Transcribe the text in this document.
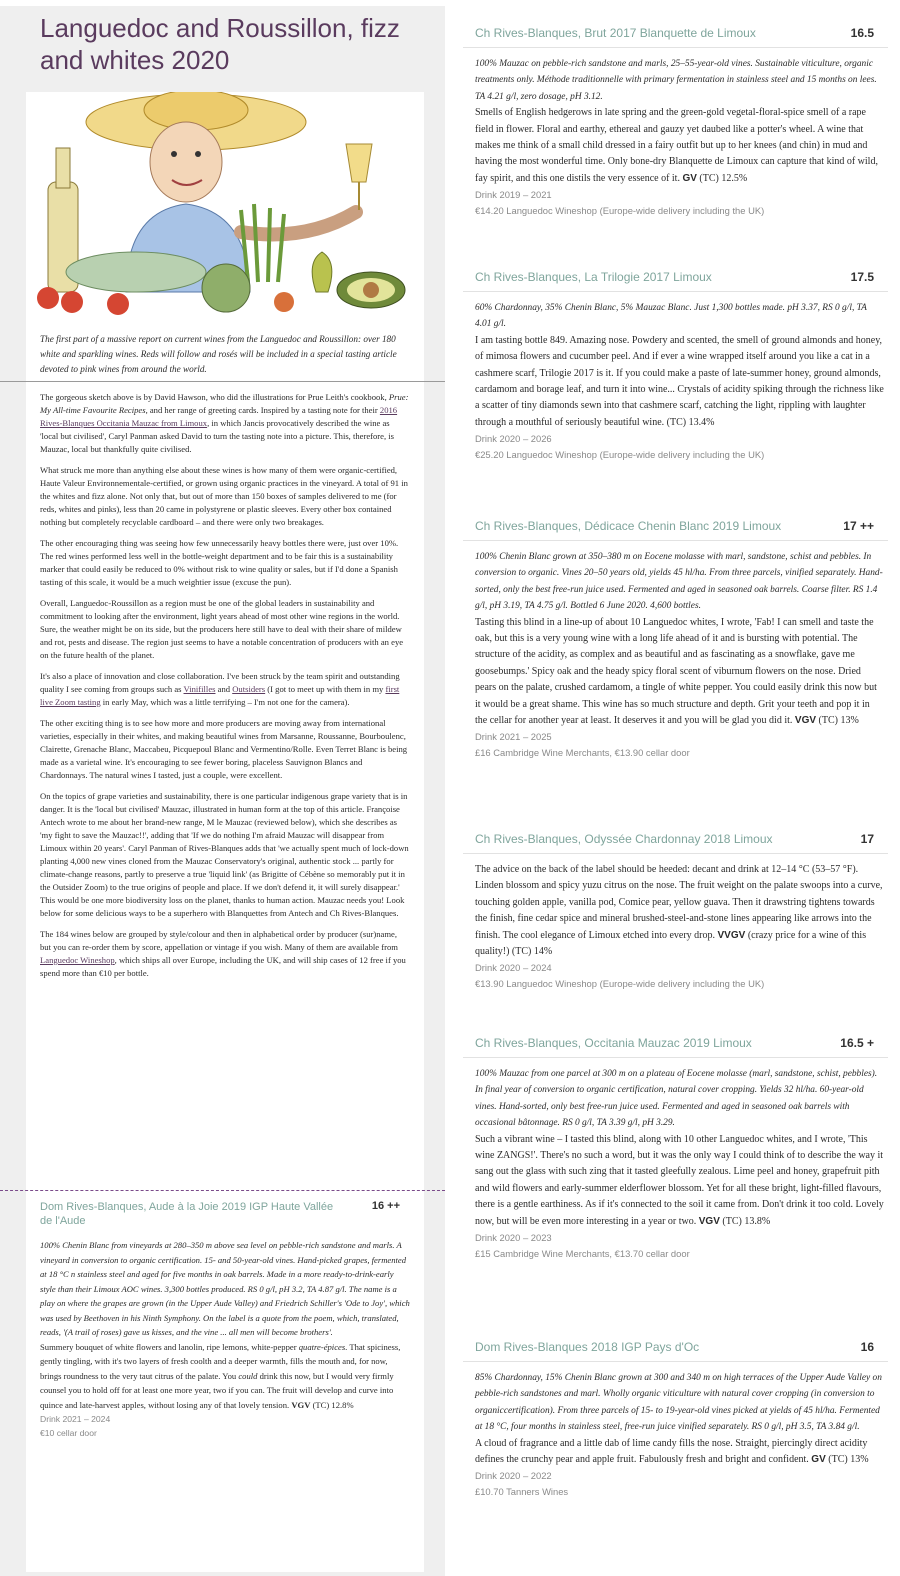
Languedoc and Roussillon, fizz and whites 2020

The first part of a massive report on current wines from the Languedoc and Roussillon: over 180 white and sparkling wines. Reds will follow and rosés will be included in a special tasting article devoted to pink wines from around the world.

The gorgeous sketch above is by David Hawson, who did the illustrations for Prue Leith's cookbook, Prue: My All-time Favourite Recipes, and her range of greeting cards. Inspired by a tasting note for their 2016 Rives-Blanques Occitania Mauzac from Limoux, in which Jancis provocatively described the wine as 'local but civilised', Caryl Panman asked David to turn the tasting note into a picture. This, therefore, is Mauzac, local but thankfully quite civilised.

What struck me more than anything else about these wines is how many of them were organic-certified, Haute Valeur Environnementale-certified, or grown using organic practices in the vineyard. A total of 91 in the whites and fizz alone. Not only that, but out of more than 150 boxes of samples delivered to me (for reds, whites and pinks), less than 20 came in polystyrene or plastic sleeves. Every other box contained nothing but completely recyclable cardboard – and there were only two breakages.

The other encouraging thing was seeing how few unnecessarily heavy bottles there were, just over 10%. The red wines performed less well in the bottle-weight department and to be fair this is a sustainability marker that could easily be reduced to 0% without risk to wine quality or sales, but if I'd done a Spanish tasting of this scale, it would be a much weightier issue (excuse the pun).

Overall, Languedoc-Roussillon as a region must be one of the global leaders in sustainability and commitment to looking after the environment, light years ahead of most other wine regions in the world. Sure, the weather might be on its side, but the producers here still have to deal with their share of mildew and rot, pests and disease. The region just seems to have a notable concentration of producers with an eye on the future health of the planet.

It's also a place of innovation and close collaboration. I've been struck by the team spirit and outstanding quality I see coming from groups such as Vinifilles and Outsiders (I got to meet up with them in my first live Zoom tasting in early May, which was a little terrifying – I'm not one for the camera).

The other exciting thing is to see how more and more producers are moving away from international varieties, especially in their whites, and making beautiful wines from Marsanne, Roussanne, Bourboulenc, Clairette, Grenache Blanc, Maccabeu, Picquepoul Blanc and Vermentino/Rolle. Even Terret Blanc is being made as a varietal wine. It's encouraging to see fewer boring, placeless Sauvignon Blancs and Chardonnays. The natural wines I tasted, just a couple, were excellent.

On the topics of grape varieties and sustainability, there is one particular indigenous grape variety that is in danger. It is the 'local but civilised' Mauzac, illustrated in human form at the top of this article. Françoise Antech wrote to me about her brand-new range, M le Mauzac (reviewed below), which she describes as 'my fight to save the Mauzac!!', adding that 'If we do nothing I'm afraid Mauzac will disappear from Limoux within 20 years'. Caryl Panman of Rives-Blanques adds that 'we actually spent much of lock-down planting 4,000 new vines cloned from the Mauzac Conservatory's original, authentic stock ... partly for climate-change reasons, partly to preserve a true 'liquid link' (as Brigitte of Cébène so memorably put it in the Outsider Zoom) to the true origins of people and place. If we don't defend it, it will surely disappear.' This would be one more biodiversity loss on the planet, thanks to human action. Mauzac needs you! Look below for some delicious ways to be a superhero with Blanquettes from Antech and Ch Rives-Blanques.

The 184 wines below are grouped by style/colour and then in alphabetical order by producer (sur)name, but you can re-order them by score, appellation or vintage if you wish. Many of them are available from Languedoc Wineshop, which ships all over Europe, including the UK, and will ship cases of 12 free if you spend more than €10 per bottle.

Dom Rives-Blanques, Aude à la Joie 2019 IGP Haute Vallée de l'Aude
16 ++

100% Chenin Blanc from vineyards at 280–350 m above sea level on pebble-rich sandstone and marls. A vineyard in conversion to organic certification. 15- and 50-year-old vines. Hand-picked grapes, fermented at 18 °C n stainless steel and aged for five months in oak barrels. Made in a more ready-to-drink-early style than their Limoux AOC wines. 3,300 bottles produced. RS 0 g/l, pH 3.2, TA 4.87 g/l. The name is a play on where the grapes are grown (in the Upper Aude Valley) and Friedrich Schiller's 'Ode to Joy', which was used by Beethoven in his Ninth Symphony. On the label is a quote from the poem, which, translated, reads, '(A trail of roses) gave us kisses, and the vine ... all men will become brothers'.

Summery bouquet of white flowers and lanolin, ripe lemons, white-pepper quatre-épices. That spiciness, gently tingling, with it's two layers of fresh coolth and a deeper warmth, fills the mouth and, for now, brings roundness to the very taut citrus of the palate. You could drink this now, but I would very firmly counsel you to hold off for at least one more year, two if you can. The fruit will develop and curve into quince and late-harvest apples, without losing any of that lovely tension. VGV (TC) 12.8%

Drink 2021 – 2024

€10 cellar door

Ch Rives-Blanques, Brut 2017 Blanquette de Limoux	16.5

100% Mauzac on pebble-rich sandstone and marls, 25–55-year-old vines. Sustainable viticulture, organic treatments only. Méthode traditionnelle with primary fermentation in stainless steel and 15 months on lees. TA 4.21 g/l, zero dosage, pH 3.12.

Smells of English hedgerows in late spring and the green-gold vegetal-floral-spice smell of a rape field in flower. Floral and earthy, ethereal and gauzy yet daubed like a potter's wheel. A wine that makes me think of a small child dressed in a fairy outfit but up to her knees (and chin) in mud and having the most wonderful time. Only bone-dry Blanquette de Limoux can capture that kind of wild, fay spirit, and this one distils the very essence of it. GV (TC) 12.5%

Drink 2019 – 2021

€14.20 Languedoc Wineshop (Europe-wide delivery including the UK)

Ch Rives-Blanques, La Trilogie 2017 Limoux	17.5

60% Chardonnay, 35% Chenin Blanc, 5% Mauzac Blanc. Just 1,300 bottles made. pH 3.37, RS 0 g/l, TA 4.01 g/l.

I am tasting bottle 849. Amazing nose. Powdery and scented, the smell of ground almonds and honey, of mimosa flowers and cucumber peel. And if ever a wine wrapped itself around you like a cat in a cashmere scarf, Trilogie 2017 is it. If you could make a paste of late-summer honey, ground almonds, cardamom and borage leaf, and turn it into wine... Crystals of acidity spiking through the richness like a scatter of tiny diamonds sewn into that cashmere scarf, catching the light, rippling with laughter through a mouthful of seriously beautiful wine. (TC) 13.4%

Drink 2020 – 2026

€25.20 Languedoc Wineshop (Europe-wide delivery including the UK)

Ch Rives-Blanques, Dédicace Chenin Blanc 2019 Limoux	17 ++

100% Chenin Blanc grown at 350–380 m on Eocene molasse with marl, sandstone, schist and pebbles. In conversion to organic. Vines 20–50 years old, yields 45 hl/ha. From three parcels, vinified separately. Hand-sorted, only the best free-run juice used. Fermented and aged in seasoned oak barrels. Coarse filter. RS 1.4 g/l, pH 3.19, TA 4.75 g/l. Bottled 6 June 2020. 4,600 bottles.

Tasting this blind in a line-up of about 10 Languedoc whites, I wrote, 'Fab! I can smell and taste the oak, but this is a very young wine with a long life ahead of it and is bursting with potential. The structure of the acidity, as complex and as beautiful and as fascinating as a snowflake, gave me goosebumps.' Spicy oak and the heady spicy floral scent of viburnum flowers on the nose. Dried pears on the palate, crushed cardamom, a tingle of white pepper. You could easily drink this now but it would be a great shame. This wine has so much structure and depth. Grit your teeth and pop it in the cellar for another year at least. It deserves it and you will be glad you did it. VGV (TC) 13%

Drink 2021 – 2025

£16 Cambridge Wine Merchants, €13.90 cellar door

Ch Rives-Blanques, Odyssée Chardonnay 2018 Limoux	17

The advice on the back of the label should be heeded: decant and drink at 12–14 °C (53–57 °F). Linden blossom and spicy yuzu citrus on the nose. The fruit weight on the palate swoops into a curve, touching golden apple, vanilla pod, Comice pear, yellow guava. Then it drawstring tightens towards the finish, fine cedar spice and mineral brushed-steel-and-stone lines appearing like arrows into the finish. The cool elegance of Limoux etched into every drop. VVGV (crazy price for a wine of this quality!) (TC) 14%

Drink 2020 – 2024

€13.90 Languedoc Wineshop (Europe-wide delivery including the UK)

Ch Rives-Blanques, Occitania Mauzac 2019 Limoux	16.5 +

100% Mauzac from one parcel at 300 m on a plateau of Eocene molasse (marl, sandstone, schist, pebbles). In final year of conversion to organic certification, natural cover cropping. Yields 32 hl/ha. 60-year-old vines. Hand-sorted, only best free-run juice used. Fermented and aged in seasoned oak barrels with occasional bâtonnage. RS 0 g/l, TA 3.39 g/l, pH 3.29.

Such a vibrant wine – I tasted this blind, along with 10 other Languedoc whites, and I wrote, 'This wine ZANGS!'. There's no such a word, but it was the only way I could think of to describe the way it sang out the glass with such zing that it tasted gleefully zealous. Lime peel and honey, grapefruit pith and wild flowers and early-summer elderflower blossom. Yet for all these bright, light-filled flavours, there is a gentle earthiness. As if it's connected to the soil it came from. Don't drink it too cold. Lovely now, but will be even more interesting in a year or two. VGV (TC) 13.8%

Drink 2020 – 2023

£15 Cambridge Wine Merchants, €13.70 cellar door

Dom Rives-Blanques 2018 IGP Pays d'Oc	16

85% Chardonnay, 15% Chenin Blanc grown at 300 and 340 m on high terraces of the Upper Aude Valley on pebble-rich sandstones and marl. Wholly organic viticulture with natural cover cropping (in conversion to organiccertification). From three parcels of 15- to 19-year-old vines picked at yields of 45 hl/ha. Fermented at 18 °C, four months in stainless steel, free-run juice vinified separately. RS 0 g/l, pH 3.5, TA 3.84 g/l.

A cloud of fragrance and a little dab of lime candy fills the nose. Straight, piercingly direct acidity defines the crunchy pear and apple fruit. Fabulously fresh and bright and confident. GV (TC) 13%

Drink 2020 – 2022

£10.70 Tanners Wines
